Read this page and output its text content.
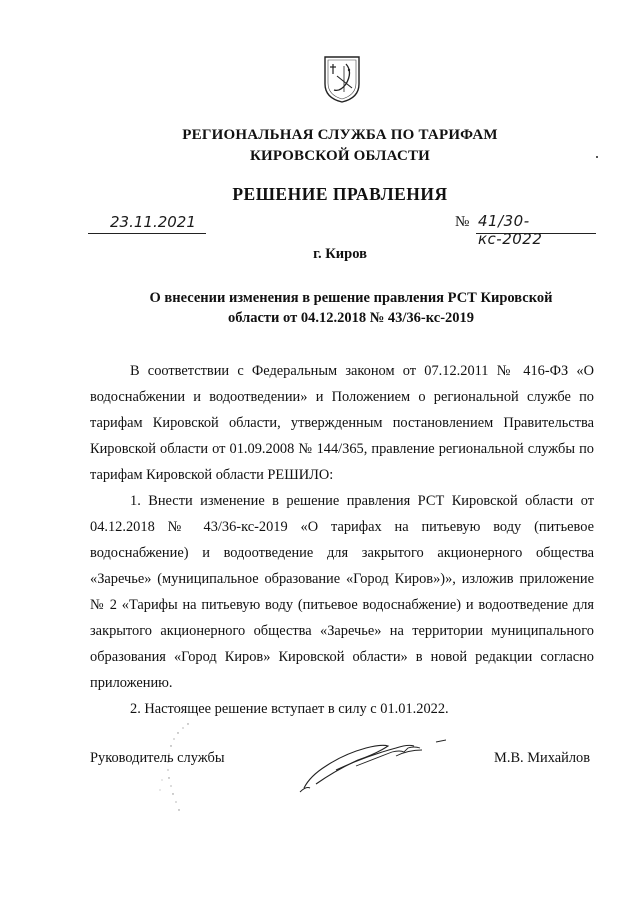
РЕГИОНАЛЬНАЯ СЛУЖБА ПО ТАРИФАМ
КИРОВСКОЙ ОБЛАСТИ
РЕШЕНИЕ ПРАВЛЕНИЯ
23.11.2021	№ 41/30-кс-2022
г. Киров
О внесении изменения в решение правления РСТ Кировской
области от 04.12.2018 № 43/36-кс-2019

В соответствии с Федеральным законом от 07.12.2011 № 416-ФЗ «О водоснабжении и водоотведении» и Положением о региональной службе по тарифам Кировской области, утвержденным постановлением Правительства Кировской области от 01.09.2008 № 144/365, правление региональной службы по тарифам Кировской области РЕШИЛО:

1. Внести изменение в решение правления РСТ Кировской области от 04.12.2018 № 43/36-кс-2019 «О тарифах на питьевую воду (питьевое водоснабжение) и водоотведение для закрытого акционерного общества «Заречье» (муниципальное образование «Город Киров»)», изложив приложение № 2 «Тарифы на питьевую воду (питьевое водоснабжение) и водоотведение для закрытого акционерного общества «Заречье» на территории муниципального образования «Город Киров» Кировской области» в новой редакции согласно приложению.

2. Настоящее решение вступает в силу с 01.01.2022.

Руководитель службы	М.В. Михайлов
